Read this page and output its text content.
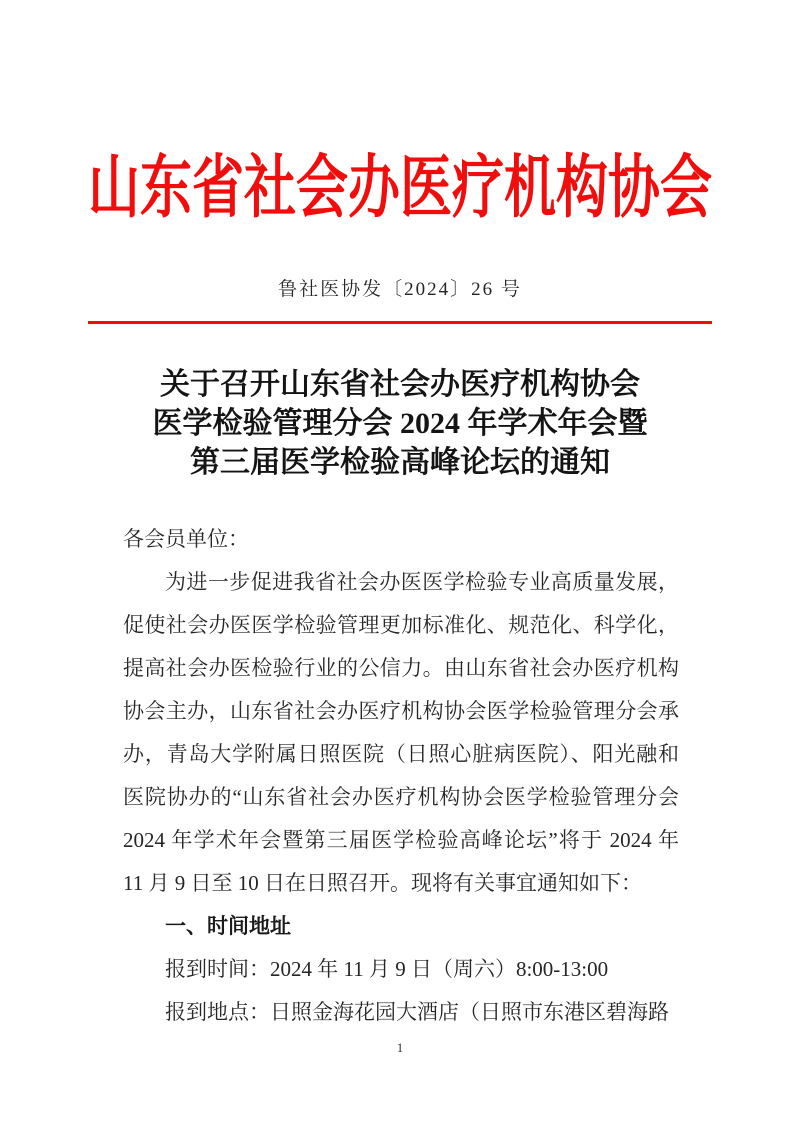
山东省社会办医疗机构协会
鲁社医协发〔2024〕26 号
关于召开山东省社会办医疗机构协会
医学检验管理分会 2024 年学术年会暨
第三届医学检验高峰论坛的通知
各会员单位：
为进一步促进我省社会办医医学检验专业高质量发展，
促使社会办医医学检验管理更加标准化、规范化、科学化，
提高社会办医检验行业的公信力。由山东省社会办医疗机构
协会主办，山东省社会办医疗机构协会医学检验管理分会承
办，青岛大学附属日照医院（日照心脏病医院）、阳光融和
医院协办的“山东省社会办医疗机构协会医学检验管理分会
2024 年学术年会暨第三届医学检验高峰论坛”将于 2024 年
11 月 9 日至 10 日在日照召开。现将有关事宜通知如下：
一、时间地址
报到时间：2024 年 11 月 9 日（周六）8:00-13:00
报到地点：日照金海花园大酒店（日照市东港区碧海路
1
